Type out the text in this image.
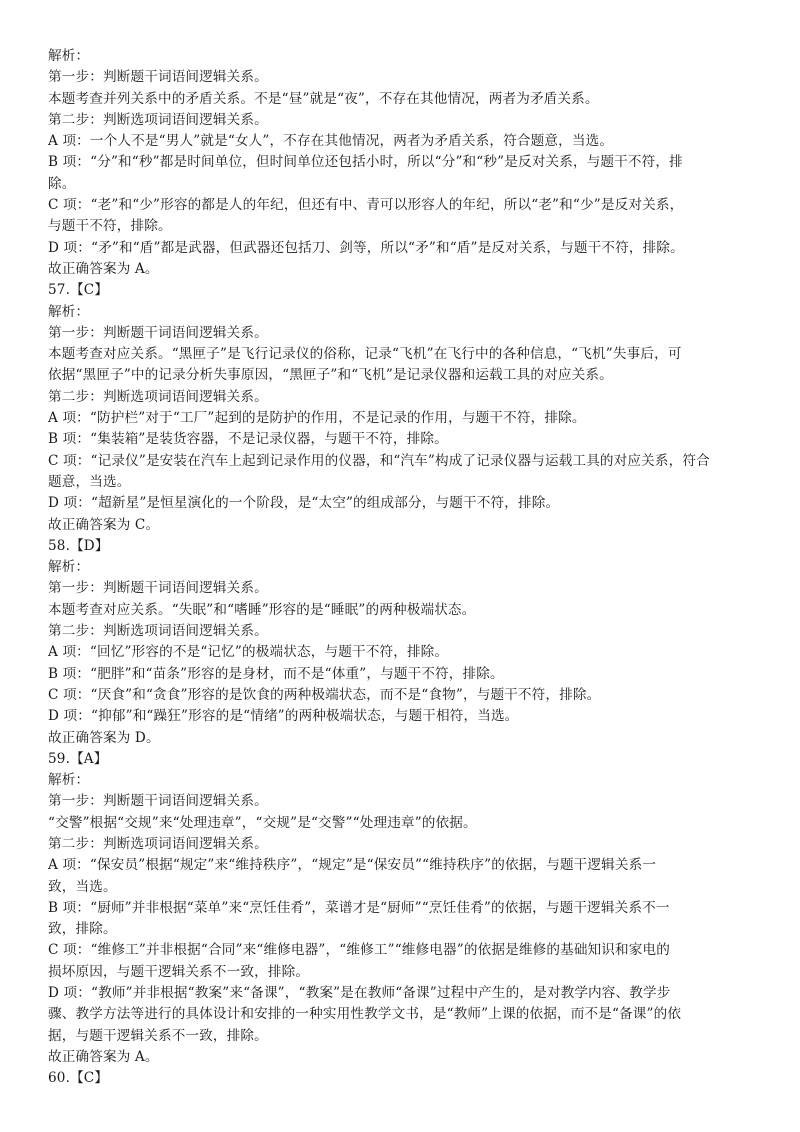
解析：
第一步：判断题干词语间逻辑关系。
本题考查并列关系中的矛盾关系。不是“昼”就是“夜”，不存在其他情况，两者为矛盾关系。
第二步：判断选项词语间逻辑关系。
A 项：一个人不是“男人”就是“女人”，不存在其他情况，两者为矛盾关系，符合题意，当选。
B 项：“分”和“秒”都是时间单位，但时间单位还包括小时，所以“分”和“秒”是反对关系，与题干不符，排
除。
C 项：“老”和“少”形容的都是人的年纪，但还有中、青可以形容人的年纪，所以“老”和“少”是反对关系，
与题干不符，排除。
D 项：“矛”和“盾”都是武器，但武器还包括刀、剑等，所以“矛”和“盾”是反对关系，与题干不符，排除。
故正确答案为 A。
57.【C】
解析：
第一步：判断题干词语间逻辑关系。
本题考查对应关系。“黑匣子”是飞行记录仪的俗称，记录“飞机”在飞行中的各种信息，“飞机”失事后，可
依据“黑匣子”中的记录分析失事原因，“黑匣子”和“飞机”是记录仪器和运载工具的对应关系。
第二步：判断选项词语间逻辑关系。
A 项：“防护栏”对于“工厂”起到的是防护的作用，不是记录的作用，与题干不符，排除。
B 项：“集装箱”是装货容器，不是记录仪器，与题干不符，排除。
C 项：“记录仪”是安装在汽车上起到记录作用的仪器，和“汽车”构成了记录仪器与运载工具的对应关系，符合
题意，当选。
D 项：“超新星”是恒星演化的一个阶段，是“太空”的组成部分，与题干不符，排除。
故正确答案为 C。
58.【D】
解析：
第一步：判断题干词语间逻辑关系。
本题考查对应关系。“失眠”和“嗜睡”形容的是“睡眠”的两种极端状态。
第二步：判断选项词语间逻辑关系。
A 项：“回忆”形容的不是“记忆”的极端状态，与题干不符，排除。
B 项：“肥胖”和“苗条”形容的是身材，而不是“体重”，与题干不符，排除。
C 项：“厌食”和“贪食”形容的是饮食的两种极端状态，而不是“食物”，与题干不符，排除。
D 项：“抑郁”和“躁狂”形容的是“情绪”的两种极端状态，与题干相符，当选。
故正确答案为 D。
59.【A】
解析：
第一步：判断题干词语间逻辑关系。
“交警”根据“交规”来“处理违章”，“交规”是“交警”“处理违章”的依据。
第二步：判断选项词语间逻辑关系。
A 项：“保安员”根据“规定”来“维持秩序”，“规定”是“保安员”“维持秩序”的依据，与题干逻辑关系一
致，当选。
B 项：“厨师”并非根据“菜单”来“烹饪佳肴”，菜谱才是“厨师”“烹饪佳肴”的依据，与题干逻辑关系不一
致，排除。
C 项：“维修工”并非根据“合同”来“维修电器”，“维修工”“维修电器”的依据是维修的基础知识和家电的
损坏原因，与题干逻辑关系不一致，排除。
D 项：“教师”并非根据“教案”来“备课”，“教案”是在教师“备课”过程中产生的，是对教学内容、教学步
骤、教学方法等进行的具体设计和安排的一种实用性教学文书，是“教师”上课的依据，而不是“备课”的依
据，与题干逻辑关系不一致，排除。
故正确答案为 A。
60.【C】
